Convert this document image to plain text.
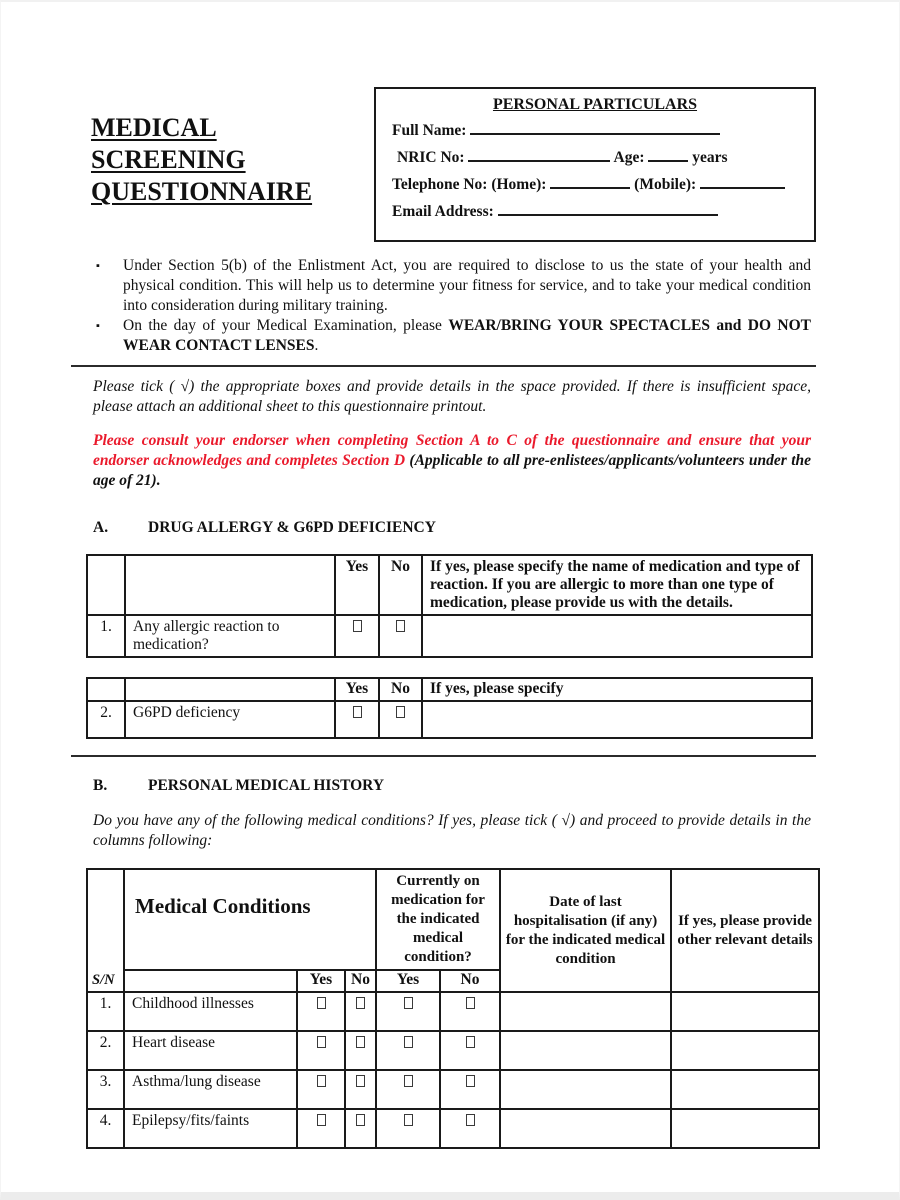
MEDICAL SCREENING QUESTIONNAIRE
PERSONAL PARTICULARS
Full Name:
NRIC No:	Age:	years
Telephone No: (Home):	(Mobile):
Email Address:
▪	Under Section 5(b) of the Enlistment Act, you are required to disclose to us the state of your health and physical condition. This will help us to determine your fitness for service, and to take your medical condition into consideration during military training.
▪	On the day of your Medical Examination, please WEAR/BRING YOUR SPECTACLES and DO NOT WEAR CONTACT LENSES.
Please tick ( √) the appropriate boxes and provide details in the space provided. If there is insufficient space, please attach an additional sheet to this questionnaire printout.
Please consult your endorser when completing Section A to C of the questionnaire and ensure that your endorser acknowledges and completes Section D (Applicable to all pre-enlistees/applicants/volunteers under the age of 21).
A.	DRUG ALLERGY & G6PD DEFICIENCY
		Yes	No	If yes, please specify the name of medication and type of reaction. If you are allergic to more than one type of medication, please provide us with the details.
1.	Any allergic reaction to medication?			
		Yes	No	If yes, please specify
2.	G6PD deficiency			
B.	PERSONAL MEDICAL HISTORY
Do you have any of the following medical conditions? If yes, please tick ( √) and proceed to provide details in the columns following:
S/N	Medical Conditions			Currently on medication for the indicated medical condition?		Date of last hospitalisation (if any) for the indicated medical condition	If yes, please provide other relevant details
		Yes	No	Yes	No		
1.	Childhood illnesses						
2.	Heart disease						
3.	Asthma/lung disease						
4.	Epilepsy/fits/faints						
